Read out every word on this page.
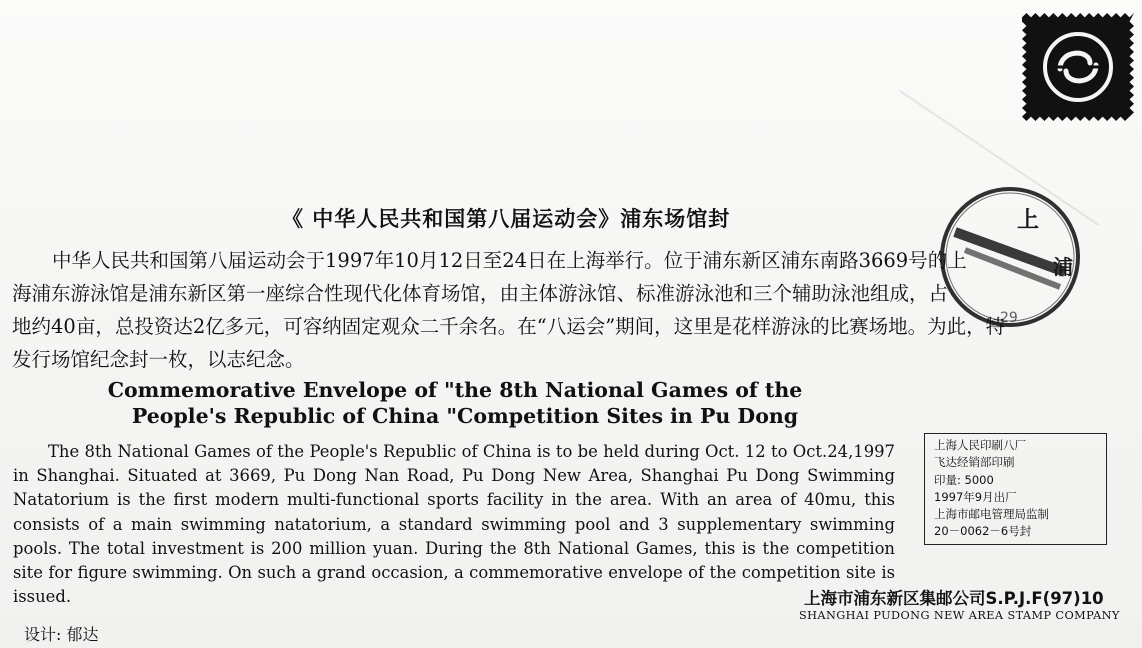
上
浦
29
《 中华人民共和国第八届运动会》浦东场馆封

中华人民共和国第八届运动会于1997年10月12日至24日在上海举行。位于浦东新区浦东南路3669号的上

海浦东游泳馆是浦东新区第一座综合性现代化体育场馆，由主体游泳馆、标准游泳池和三个辅助泳池组成，占

地约40亩，总投资达2亿多元，可容纳固定观众二千余名。在“八运会”期间，这里是花样游泳的比赛场地。为此，特

发行场馆纪念封一枚，以志纪念。

Commemorative Envelope of "the 8th National Games of the

People's Republic of China "Competition Sites in Pu Dong

The 8th National Games of the People's Republic of China is to be held during Oct. 12 to Oct.24,1997 in Shanghai. Situated at 3669, Pu Dong Nan Road, Pu Dong New Area, Shanghai Pu Dong Swimming Natatorium is the first modern multi-functional sports facility in the area. With an area of 40mu, this consists of a main swimming natatorium, a standard swimming pool and 3 supplementary swimming pools. The total investment is 200 million yuan. During the 8th National Games, this is the competition site for figure swimming. On such a grand occasion, a commemorative envelope of the competition site is issued.

设计: 郁达
上海人民印刷八厂
飞达经销部印刷
印量: 5000
1997年9月出厂
上海市邮电管理局监制
20－0062－6号封
上海市浦东新区集邮公司S.P.J.F(97)10
SHANGHAI PUDONG NEW AREA STAMP COMPANY
